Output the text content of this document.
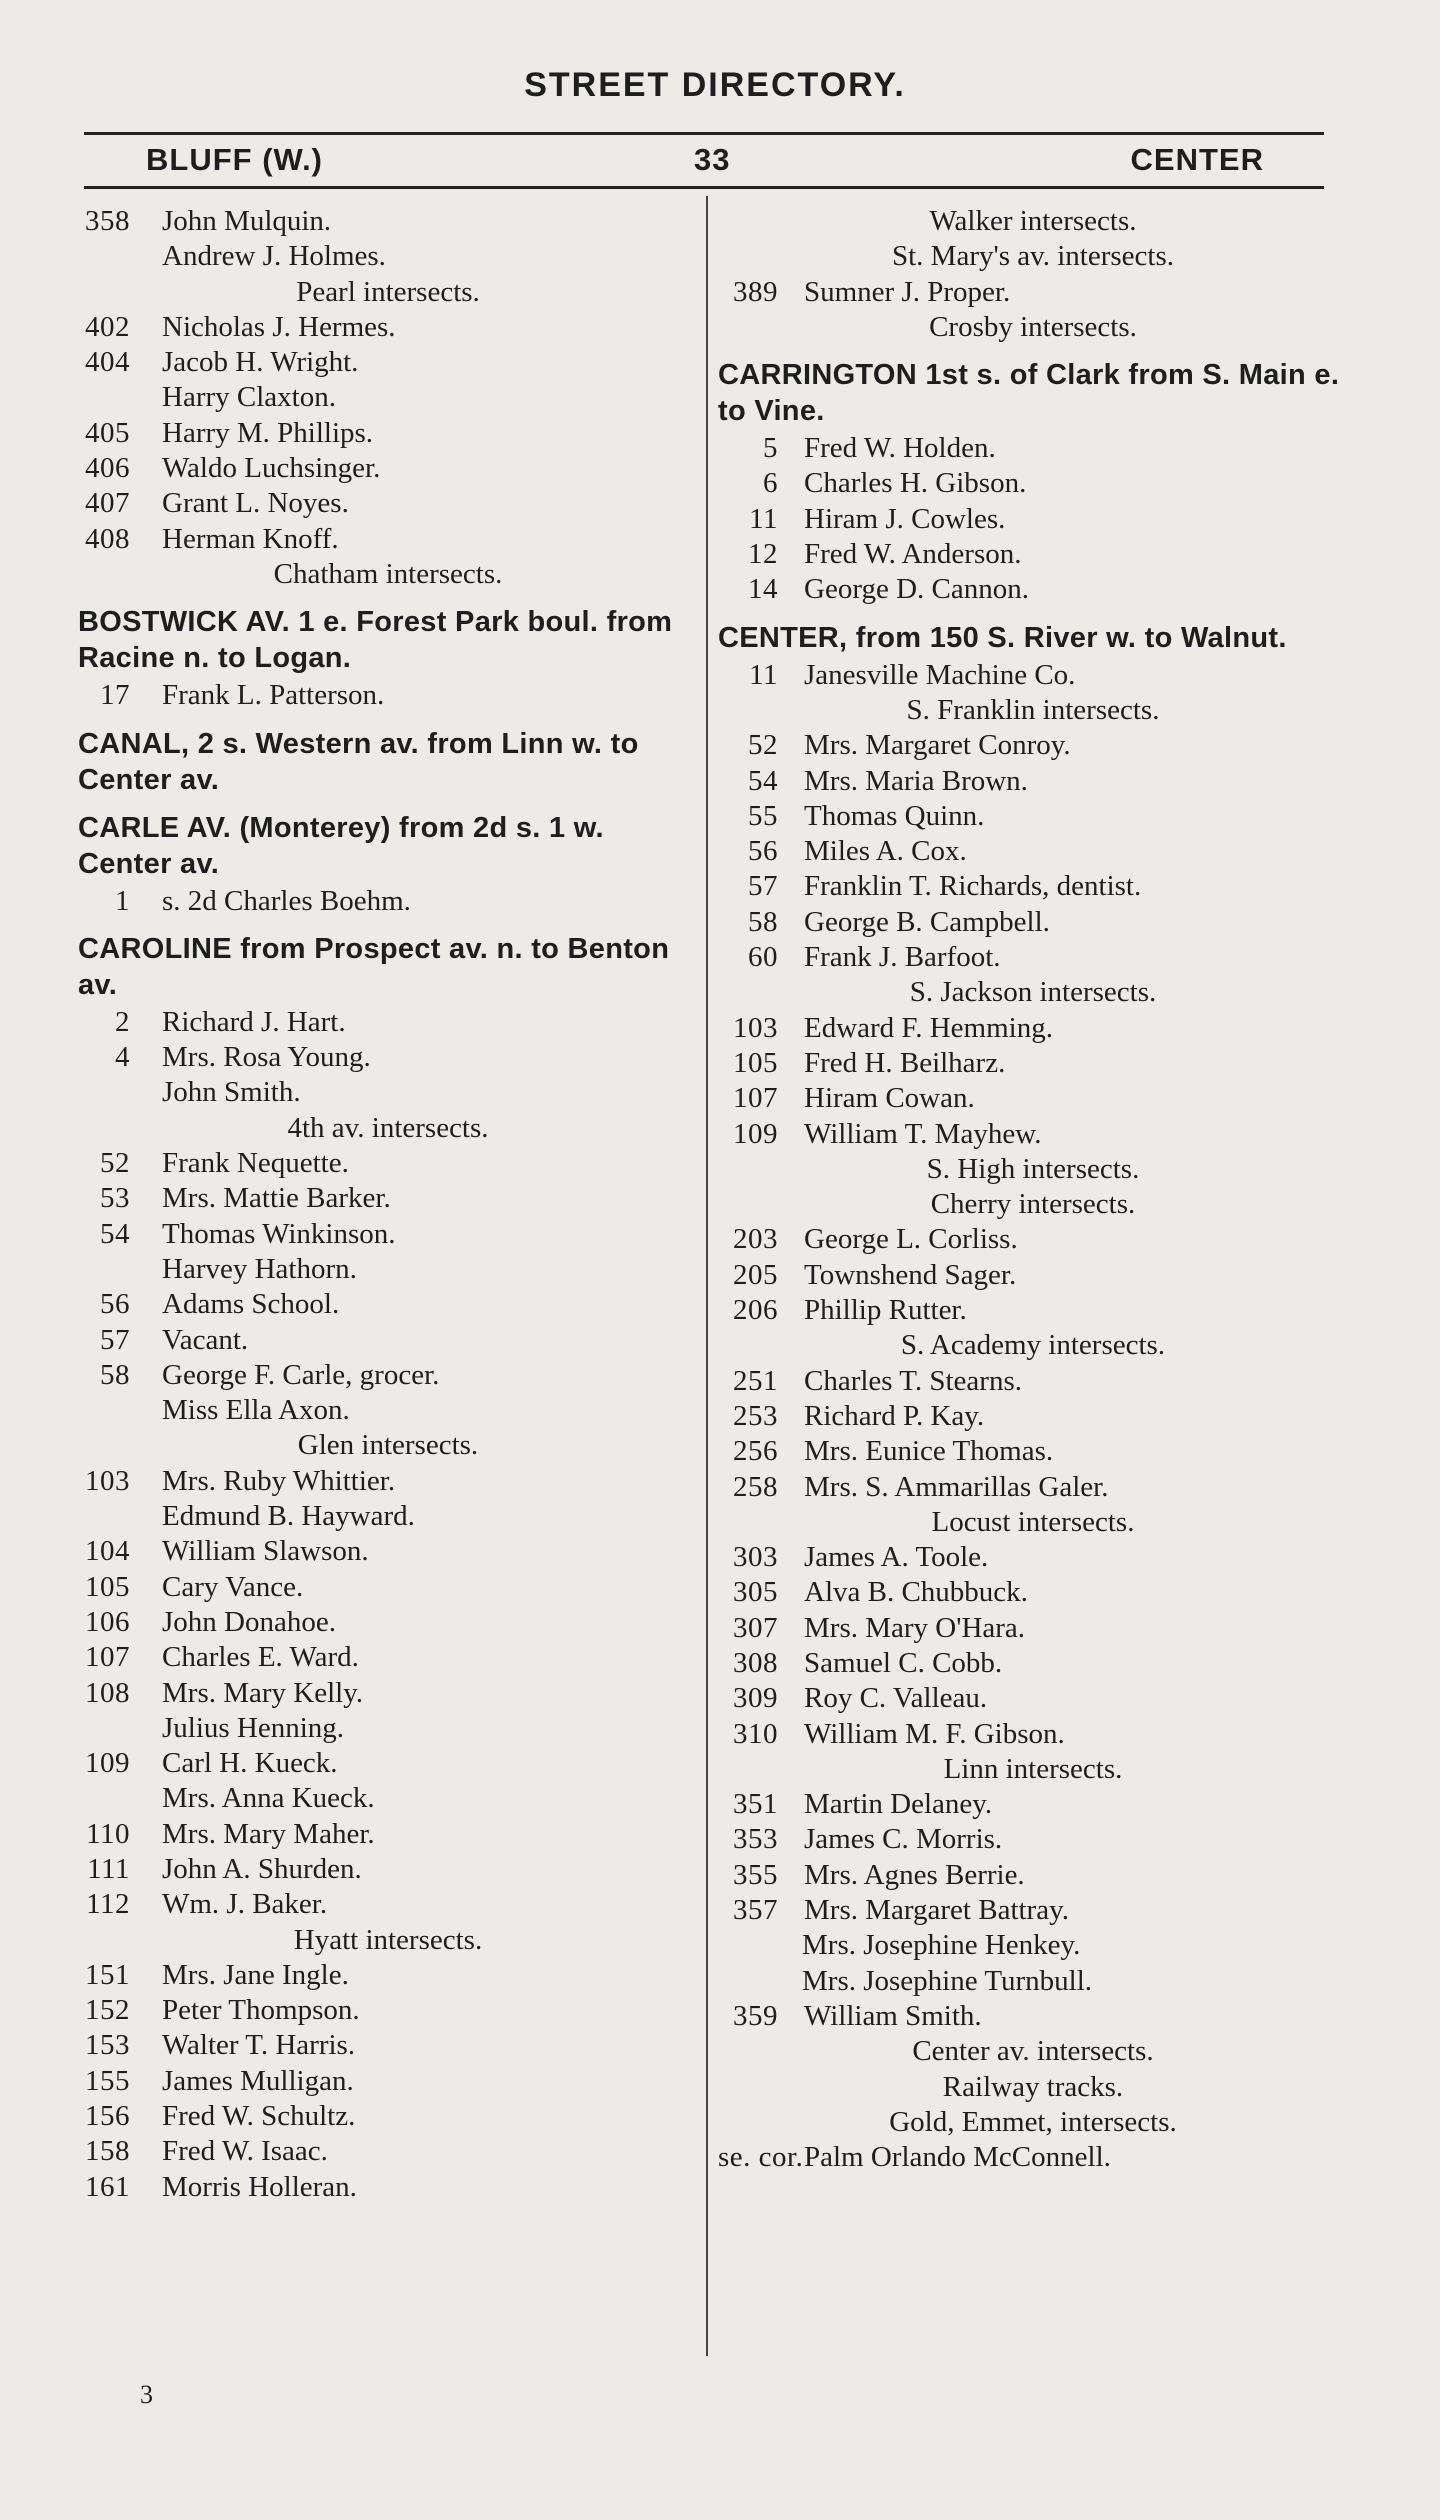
STREET DIRECTORY.
BLUFF (W.)	33	CENTER
358 John Mulquin.
Andrew J. Holmes.
Pearl intersects.
402 Nicholas J. Hermes.
404 Jacob H. Wright.
Harry Claxton.
405 Harry M. Phillips.
406 Waldo Luchsinger.
407 Grant L. Noyes.
408 Herman Knoff.
Chatham intersects.
BOSTWICK AV. 1 e. Forest Park boul. from Racine n. to Logan.
17 Frank L. Patterson.
CANAL, 2 s. Western av. from Linn w. to Center av.
CARLE AV. (Monterey) from 2d s. 1 w. Center av.
1 s. 2d Charles Boehm.
CAROLINE from Prospect av. n. to Benton av.
2 Richard J. Hart.
4 Mrs. Rosa Young.
John Smith.
4th av. intersects.
52 Frank Nequette.
53 Mrs. Mattie Barker.
54 Thomas Winkinson.
Harvey Hathorn.
56 Adams School.
57 Vacant.
58 George F. Carle, grocer.
Miss Ella Axon.
Glen intersects.
103 Mrs. Ruby Whittier.
Edmund B. Hayward.
104 William Slawson.
105 Cary Vance.
106 John Donahoe.
107 Charles E. Ward.
108 Mrs. Mary Kelly.
Julius Henning.
109 Carl H. Kueck.
Mrs. Anna Kueck.
110 Mrs. Mary Maher.
111 John A. Shurden.
112 Wm. J. Baker.
Hyatt intersects.
151 Mrs. Jane Ingle.
152 Peter Thompson.
153 Walter T. Harris.
155 James Mulligan.
156 Fred W. Schultz.
158 Fred W. Isaac.
161 Morris Holleran.
Walker intersects.
St. Mary's av. intersects.
389 Sumner J. Proper.
Crosby intersects.
CARRINGTON 1st s. of Clark from S. Main e. to Vine.
5 Fred W. Holden.
6 Charles H. Gibson.
11 Hiram J. Cowles.
12 Fred W. Anderson.
14 George D. Cannon.
CENTER, from 150 S. River w. to Walnut.
11 Janesville Machine Co.
S. Franklin intersects.
52 Mrs. Margaret Conroy.
54 Mrs. Maria Brown.
55 Thomas Quinn.
56 Miles A. Cox.
57 Franklin T. Richards, dentist.
58 George B. Campbell.
60 Frank J. Barfoot.
S. Jackson intersects.
103 Edward F. Hemming.
105 Fred H. Beilharz.
107 Hiram Cowan.
109 William T. Mayhew.
S. High intersects.
Cherry intersects.
203 George L. Corliss.
205 Townshend Sager.
206 Phillip Rutter.
S. Academy intersects.
251 Charles T. Stearns.
253 Richard P. Kay.
256 Mrs. Eunice Thomas.
258 Mrs. S. Ammarillas Galer.
Locust intersects.
303 James A. Toole.
305 Alva B. Chubbuck.
307 Mrs. Mary O'Hara.
308 Samuel C. Cobb.
309 Roy C. Valleau.
310 William M. F. Gibson.
Linn intersects.
351 Martin Delaney.
353 James C. Morris.
355 Mrs. Agnes Berrie.
357 Mrs. Margaret Battray.
Mrs. Josephine Henkey.
Mrs. Josephine Turnbull.
359 William Smith.
Center av. intersects.
Railway tracks.
Gold, Emmet, intersects.
se. cor. Palm Orlando McConnell.
3
